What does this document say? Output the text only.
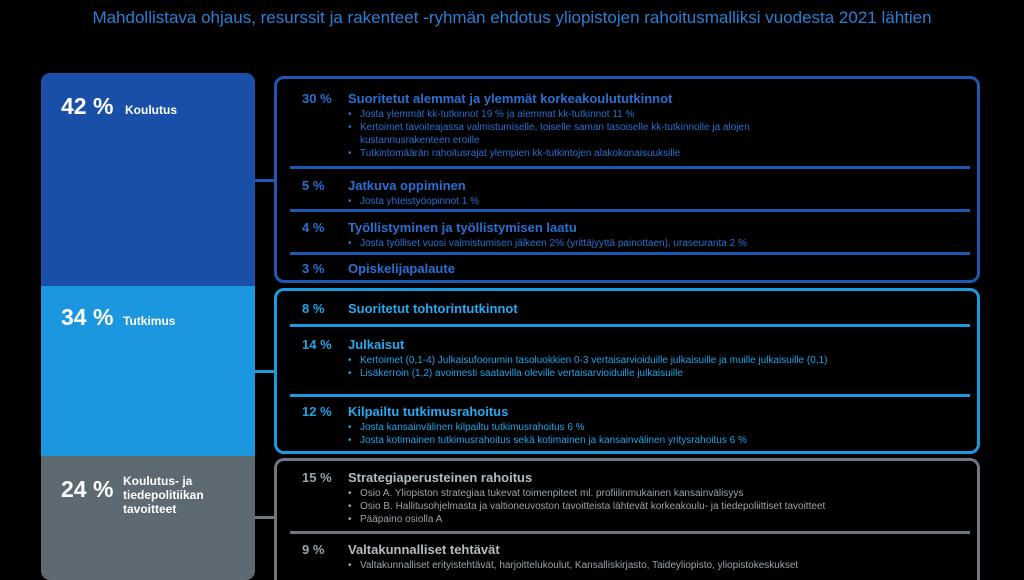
Mahdollistava ohjaus, resurssit ja rakenteet -ryhmän ehdotus yliopistojen rahoitusmalliksi vuodesta 2021 lähtien
42 % Koulutus
34 % Tutkimus
24 % Koulutus- ja tiedepolitiikan tavoitteet
30 % Suoritetut alemmat ja ylemmät korkeakoulututkinnot
• Josta ylemmät kk-tutkinnot 19 % ja alemmat kk-tutkinnot 11 %
• Kertoimet tavoiteajassa valmistumiselle, toiselle saman tasoiselle kk-tutkinnolle ja alojen kustannusrakenteen eroille
• Tutkintomäärän rahoitusrajat ylempien kk-tutkintojen alakokonaisuuksille
5 %	Jatkuva oppiminen
• Josta yhteistyöopinnot 1 %
4 %	Työllistyminen ja työllistymisen laatu
• Josta työlliset vuosi valmistumisen jälkeen 2% (yrittäjyyttä painottaen), uraseuranta 2 %
3 %	Opiskelijapalaute
8 %	Suoritetut tohtorintutkinnot
14 % Julkaisut
• Kertoimet (0,1-4) Julkaisufoorumin tasoluokkien 0-3 vertaisarvioiduille julkaisuille ja muille julkaisuille (0,1)
• Lisäkerroin (1,2) avoimesti saatavilla oleville vertaisarvioiduille julkaisuille
12 % Kilpailtu tutkimusrahoitus
• Josta kansainvälinen kilpailtu tutkimusrahoitus 6 %
• Josta kotimainen tutkimusrahoitus sekä kotimainen ja kansainvälinen yritysrahoitus 6 %
15 % Strategiaperusteinen rahoitus
• Osio A. Yliopiston strategiaa tukevat toimenpiteet ml. profiilinmukainen kansainvälisyys
• Osio B. Hallitusohjelmasta ja valtioneuvoston tavoitteista lähtevät korkeakoulu- ja tiedepoliittiset tavoitteet
• Pääpaino osiolla A
9 %	Valtakunnalliset tehtävät
• Valtakunnalliset erityistehtävät, harjoittelukoulut, Kansalliskirjasto, Taideyliopisto, yliopistokeskukset
